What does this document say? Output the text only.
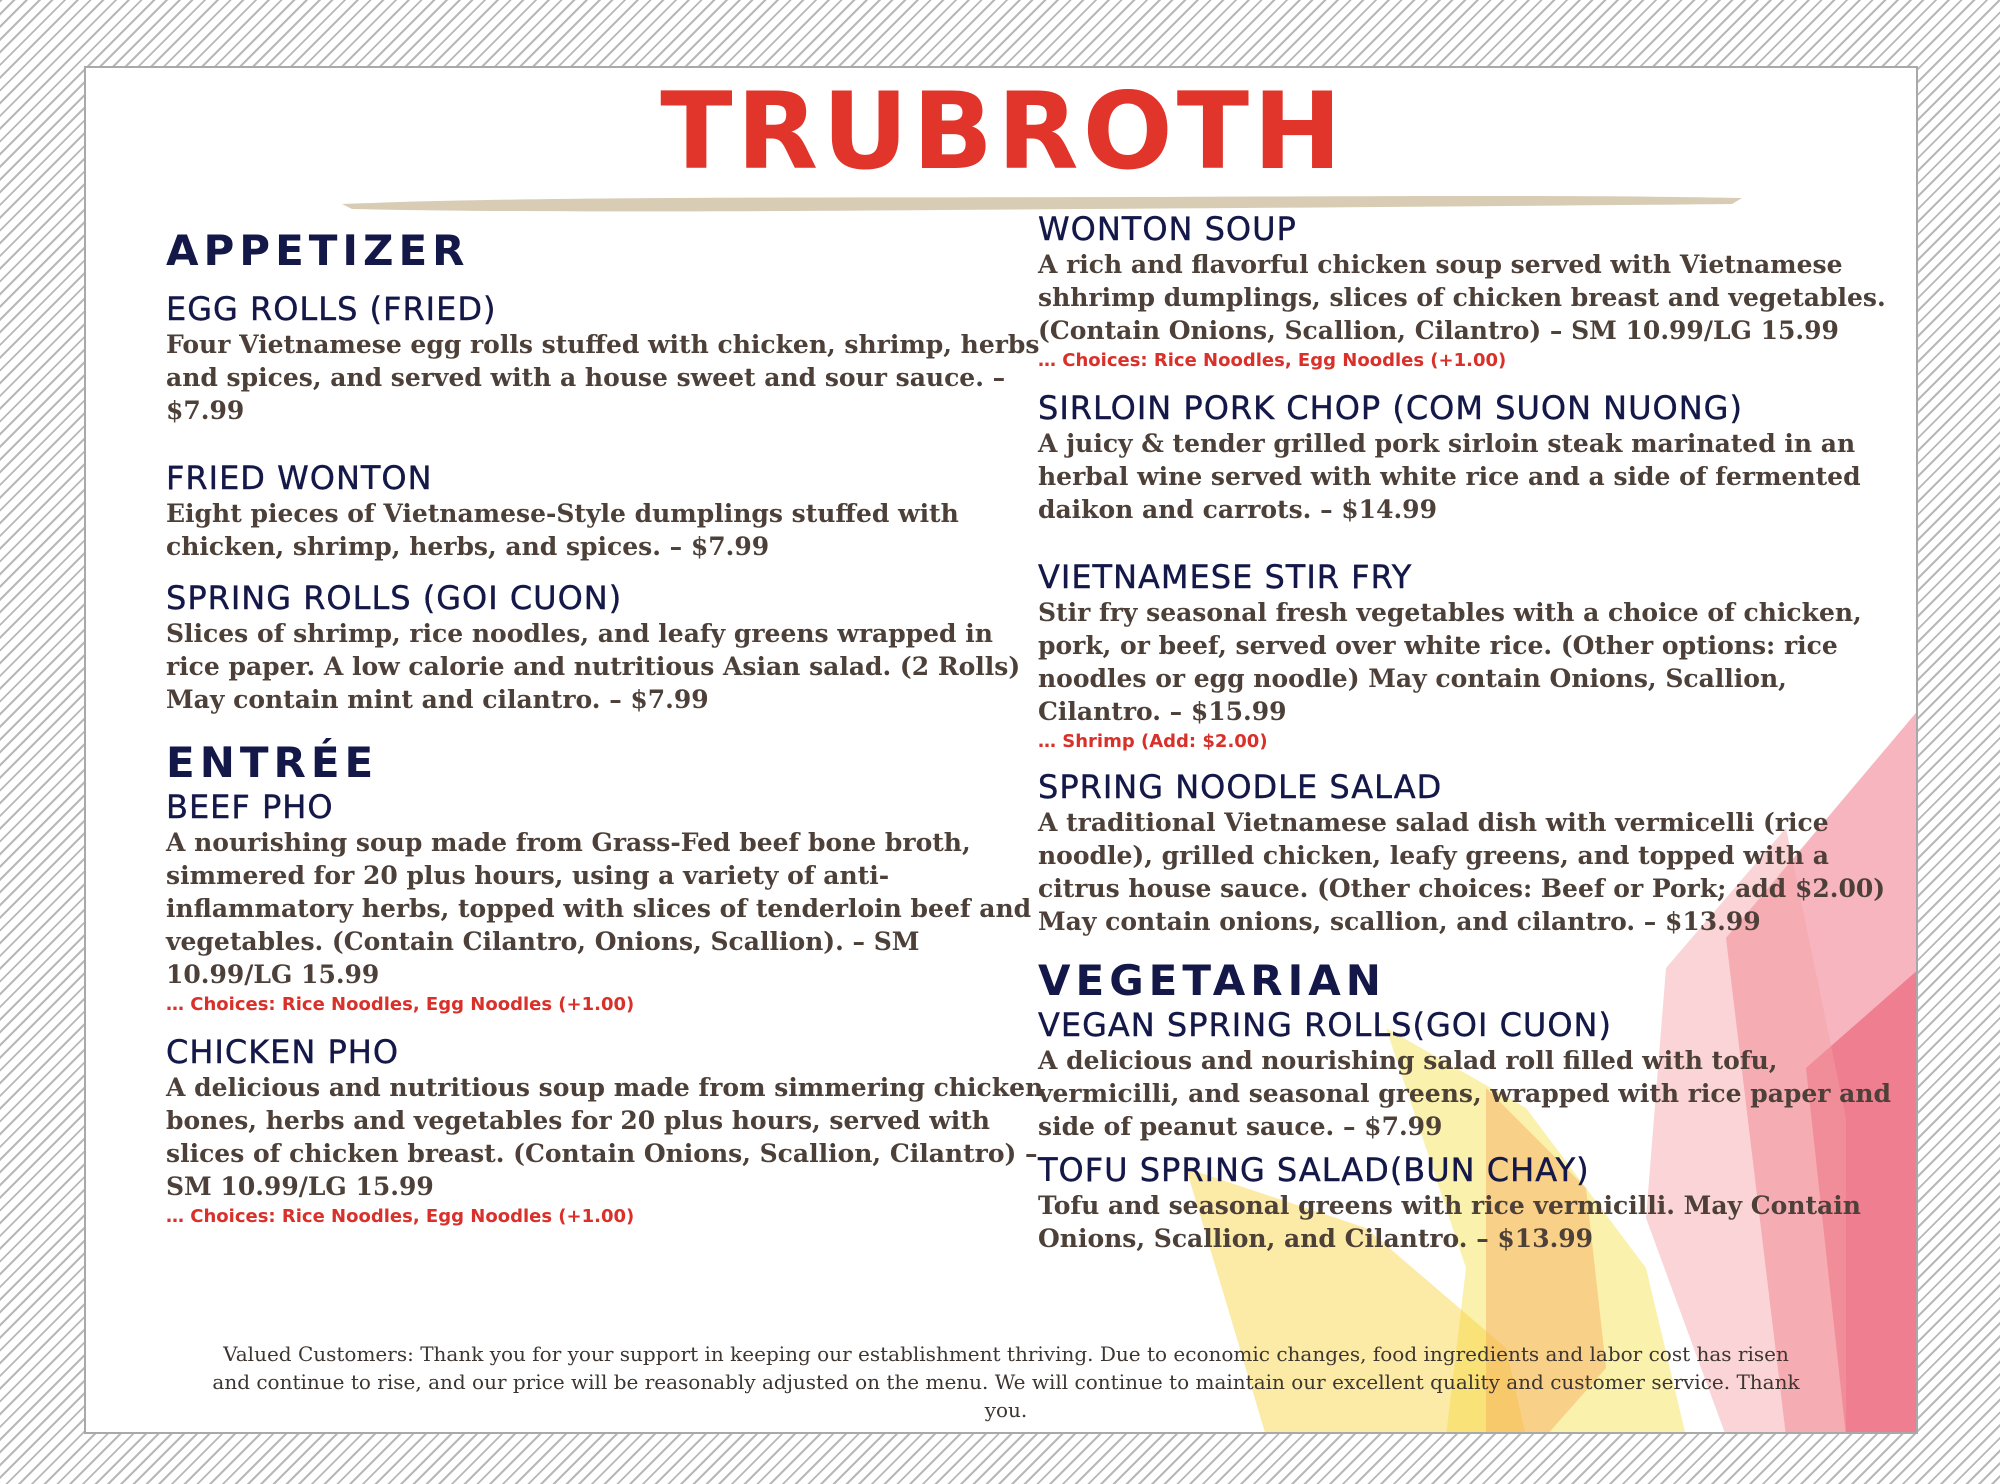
TRUBROTH
APPETIZER
EGG ROLLS (FRIED)
Four Vietnamese egg rolls stuffed with chicken, shrimp, herbs and spices, and served with a house sweet and sour sauce. – $7.99
FRIED WONTON
Eight pieces of Vietnamese-Style dumplings stuffed with chicken, shrimp, herbs, and spices. – $7.99
SPRING ROLLS (GOI CUON)
Slices of shrimp, rice noodles, and leafy greens wrapped in rice paper. A low calorie and nutritious Asian salad. (2 Rolls) May contain mint and cilantro. – $7.99
ENTRÉE
BEEF PHO
A nourishing soup made from Grass-Fed beef bone broth, simmered for 20 plus hours, using a variety of anti-inflammatory herbs, topped with slices of tenderloin beef and vegetables. (Contain Cilantro, Onions, Scallion). – SM 10.99/LG 15.99
… Choices: Rice Noodles, Egg Noodles (+1.00)
CHICKEN PHO
A delicious and nutritious soup made from simmering chicken bones, herbs and vegetables for 20 plus hours, served with slices of chicken breast. (Contain Onions, Scallion, Cilantro) – SM 10.99/LG 15.99
… Choices: Rice Noodles, Egg Noodles (+1.00)
WONTON SOUP
A rich and flavorful chicken soup served with Vietnamese shhrimp dumplings, slices of chicken breast and vegetables. (Contain Onions, Scallion, Cilantro) – SM 10.99/LG 15.99
… Choices: Rice Noodles, Egg Noodles (+1.00)
SIRLOIN PORK CHOP (COM SUON NUONG)
A juicy & tender grilled pork sirloin steak marinated in an herbal wine served with white rice and a side of fermented daikon and carrots. – $14.99
VIETNAMESE STIR FRY
Stir fry seasonal fresh vegetables with a choice of chicken, pork, or beef, served over white rice. (Other options: rice noodles or egg noodle) May contain Onions, Scallion, Cilantro. – $15.99
… Shrimp (Add: $2.00)
SPRING NOODLE SALAD
A traditional Vietnamese salad dish with vermicelli (rice noodle), grilled chicken, leafy greens, and topped with a citrus house sauce. (Other choices: Beef or Pork; add $2.00) May contain onions, scallion, and cilantro. – $13.99
VEGETARIAN
VEGAN SPRING ROLLS(GOI CUON)
A delicious and nourishing salad roll filled with tofu, vermicilli, and seasonal greens, wrapped with rice paper and side of peanut sauce. – $7.99
TOFU SPRING SALAD(BUN CHAY)
Tofu and seasonal greens with rice vermicilli. May Contain Onions, Scallion, and Cilantro. – $13.99
Valued Customers: Thank you for your support in keeping our establishment thriving. Due to economic changes, food ingredients and labor cost has risen and continue to rise, and our price will be reasonably adjusted on the menu. We will continue to maintain our excellent quality and customer service. Thank you.
